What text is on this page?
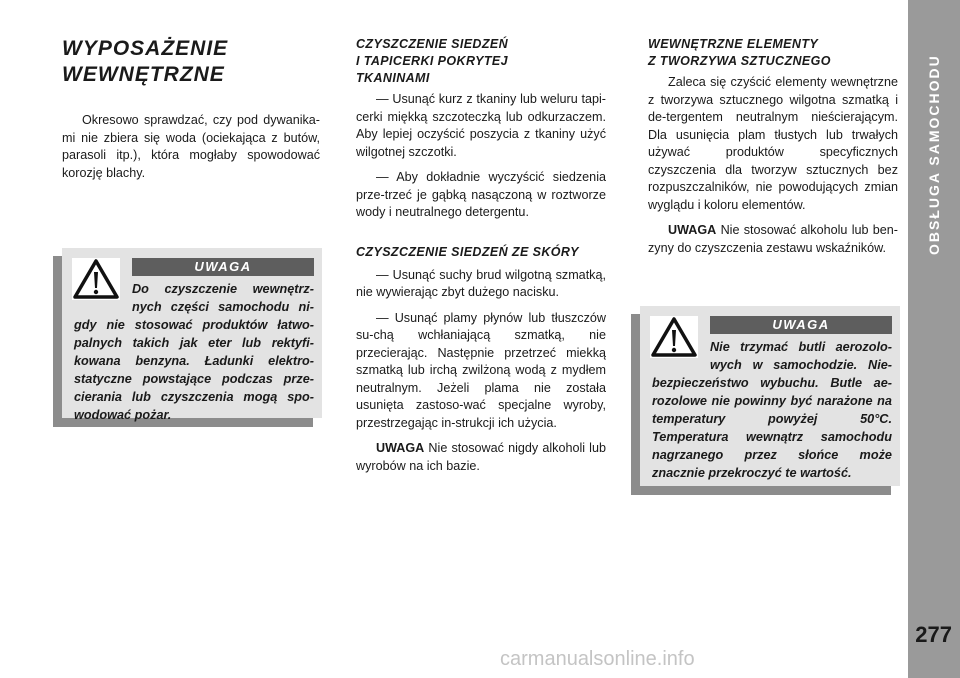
OBSŁUGA SAMOCHODU
277
WYPOSAŻENIE
WEWNĘTRZNE

Okresowo sprawdzać, czy pod dywanika-mi nie zbiera się woda (ociekająca z butów, parasoli itp.), która mogłaby spowodować korozję blachy.

UWAGA
Do czyszczenie wewnętrz-nych części samochodu ni-gdy nie stosować produktów łatwo-palnych takich jak eter lub rektyfi-kowana benzyna. Ładunki elektro-statyczne powstające podczas prze-cierania lub czyszczenia mogą spo-wodować pożar.

CZYSZCZENIE SIEDZEŃ
I TAPICERKI POKRYTEJ
TKANINAMI

— Usunąć kurz z tkaniny lub weluru tapi-cerki miękką szczoteczką lub odkurzaczem. Aby lepiej oczyścić poszycia z tkaniny użyć wilgotnej szczotki.

— Aby dokładnie wyczyścić siedzenia prze-trzeć je gąbką nasączoną w roztworze wody i neutralnego detergentu.

CZYSZCZENIE SIEDZEŃ ZE SKÓRY

— Usunąć suchy brud wilgotną szmatką, nie wywierając zbyt dużego nacisku.

— Usunąć plamy płynów lub tłuszczów su-chą wchłaniającą szmatką, nie przecierając. Następnie przetrzeć miekką szmatką lub irchą zwilżoną wodą z mydłem neutralnym. Jeżeli plama nie została usunięta zastoso-wać specjalne wyroby, przestrzegając in-strukcji ich użycia.

UWAGA Nie stosować nigdy alkoholi lub wyrobów na ich bazie.

WEWNĘTRZNE ELEMENTY
Z TWORZYWA SZTUCZNEGO

Zaleca się czyścić elementy wewnętrzne z tworzywa sztucznego wilgotna szmatką i de-tergentem neutralnym nieścierającym. Dla usunięcia plam tłustych lub trwałych używać produktów specyficznych czyszczenia dla tworzyw sztucznych bez rozpuszczalników, nie powodujących zmian wyglądu i koloru elementów.

UWAGA Nie stosować alkoholu lub ben-zyny do czyszczenia zestawu wskaźników.

UWAGA
Nie trzymać butli aerozolo-wych w samochodzie. Nie-bezpieczeństwo wybuchu. Butle ae-rozolowe nie powinny być narażone na temperatury powyżej 50°C. Temperatura wewnątrz samochodu nagrzanego przez słońce może znacznie przekroczyć te wartość.
carmanualsonline.info
